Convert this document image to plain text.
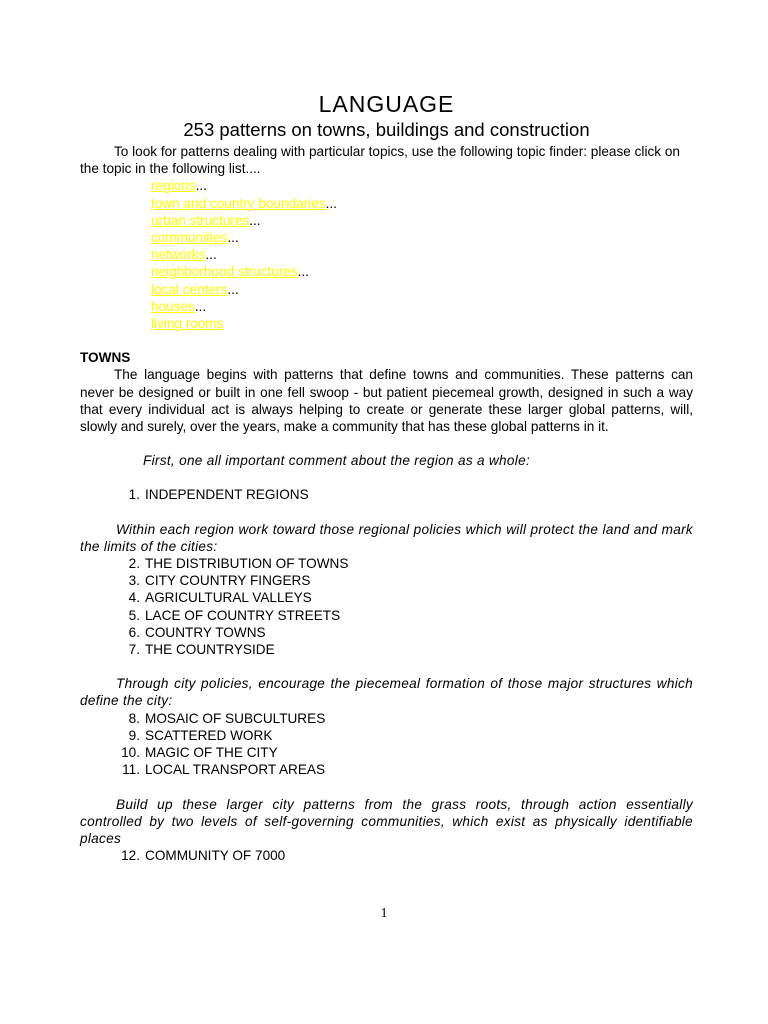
LANGUAGE
253 patterns on towns, buildings and construction

To look for patterns dealing with particular topics, use the following topic finder: please click on the topic in the following list....

regions...
town and country boundaries...
urban structures...
communities...
networks...
neighborhood structures...
local centers...
houses...
living rooms
TOWNS

The language begins with patterns that define towns and communities. These patterns can never be designed or built in one fell swoop - but patient piecemeal growth, designed in such a way that every individual act is always helping to create or generate these larger global patterns, will, slowly and surely, over the years, make a community that has these global patterns in it.

First, one all important comment about the region as a whole:

1. INDEPENDENT REGIONS

Within each region work toward those regional policies which will protect the land and mark the limits of the cities:

2. THE DISTRIBUTION OF TOWNS
3. CITY COUNTRY FINGERS
4. AGRICULTURAL VALLEYS
5. LACE OF COUNTRY STREETS
6. COUNTRY TOWNS
7. THE COUNTRYSIDE

Through city policies, encourage the piecemeal formation of those major structures which define the city:

8. MOSAIC OF SUBCULTURES
9. SCATTERED WORK
10. MAGIC OF THE CITY
11. LOCAL TRANSPORT AREAS

Build up these larger city patterns from the grass roots, through action essentially controlled by two levels of self-governing communities, which exist as physically identifiable places

12. COMMUNITY OF 7000
1
